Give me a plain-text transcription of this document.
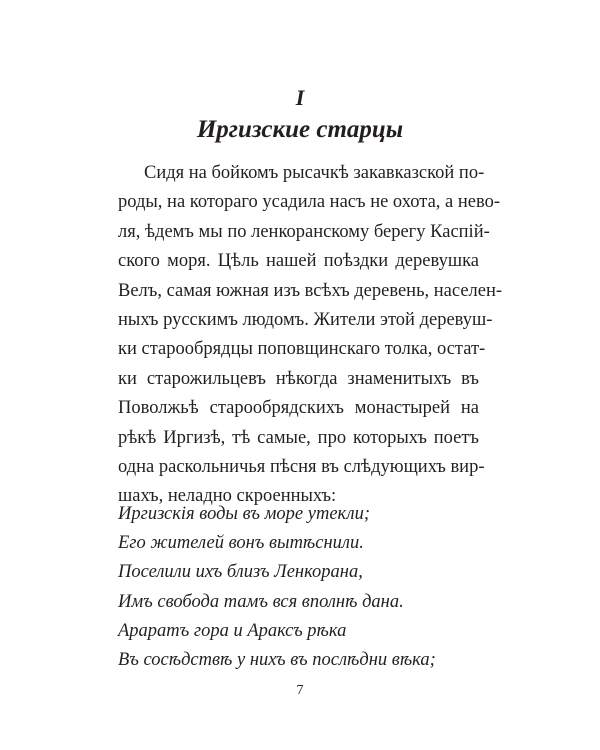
I
Иргизские старцы
Сидя на бойкомъ рысачкѣ закавказской по-
роды, на котораго усадила насъ не охота, а нево-
ля, ѣдемъ мы по ленкоранскому берегу Каспій-
ского моря. Цѣль нашей поѣздки деревушка
Велъ, самая южная изъ всѣхъ деревень, населен-
ныхъ русскимъ людомъ. Жители этой деревуш-
ки старообрядцы поповщинскаго толка, остат-
ки старожильцевъ нѣкогда знаменитыхъ въ
Поволжьѣ старообрядскихъ монастырей на
рѣкѣ Иргизѣ, тѣ самые, про которыхъ поетъ
одна раскольничья пѣсня въ слѣдующихъ вир-
шахъ, неладно скроенныхъ:
Иргизскія воды въ море утекли;
Его жителей вонъ вытѣснили.
Поселили ихъ близъ Ленкорана,
Имъ свобода тамъ вся вполнѣ дана.
Араратъ гора и Араксъ рѣка
Въ сосѣдствѣ у нихъ въ послѣдни вѣка;
7
